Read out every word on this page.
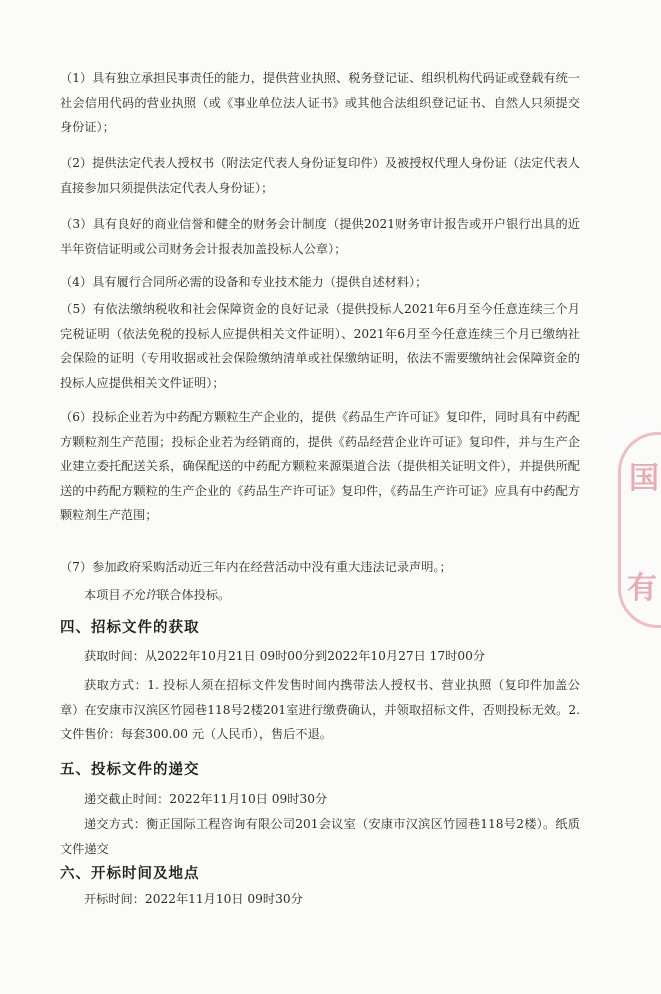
（1）具有独立承担民事责任的能力，提供营业执照、税务登记证、组织机构代码证或登载有统一社会信用代码的营业执照（或《事业单位法人证书》或其他合法组织登记证书、自然人只须提交身份证）；
（2）提供法定代表人授权书（附法定代表人身份证复印件）及被授权代理人身份证（法定代表人直接参加只须提供法定代表人身份证）；
（3）具有良好的商业信誉和健全的财务会计制度（提供2021财务审计报告或开户银行出具的近半年资信证明或公司财务会计报表加盖投标人公章）；
（4）具有履行合同所必需的设备和专业技术能力（提供自述材料）；
（5）有依法缴纳税收和社会保障资金的良好记录（提供投标人2021年6月至今任意连续三个月完税证明（依法免税的投标人应提供相关文件证明）、2021年6月至今任意连续三个月已缴纳社会保险的证明（专用收据或社会保险缴纳清单或社保缴纳证明，依法不需要缴纳社会保障资金的投标人应提供相关文件证明）；
（6）投标企业若为中药配方颗粒生产企业的，提供《药品生产许可证》复印件，同时具有中药配方颗粒剂生产范围；投标企业若为经销商的，提供《药品经营企业许可证》复印件，并与生产企业建立委托配送关系，确保配送的中药配方颗粒来源渠道合法（提供相关证明文件），并提供所配送的中药配方颗粒的生产企业的《药品生产许可证》复印件，《药品生产许可证》应具有中药配方颗粒剂生产范围；
（7）参加政府采购活动近三年内在经营活动中没有重大违法记录声明。；
本项目不允许联合体投标。
四、招标文件的获取
获取时间：从2022年10月21日 09时00分到2022年10月27日 17时00分
获取方式：1. 投标人须在招标文件发售时间内携带法人授权书、营业执照（复印件加盖公章）在安康市汉滨区竹园巷118号2楼201室进行缴费确认，并领取招标文件，否则投标无效。2.文件售价：每套300.00 元（人民币），售后不退。
五、投标文件的递交
递交截止时间：2022年11月10日 09时30分
递交方式：衡正国际工程咨询有限公司201会议室（安康市汉滨区竹园巷118号2楼）。纸质文件递交
六、开标时间及地点
开标时间：2022年11月10日 09时30分
国
有
